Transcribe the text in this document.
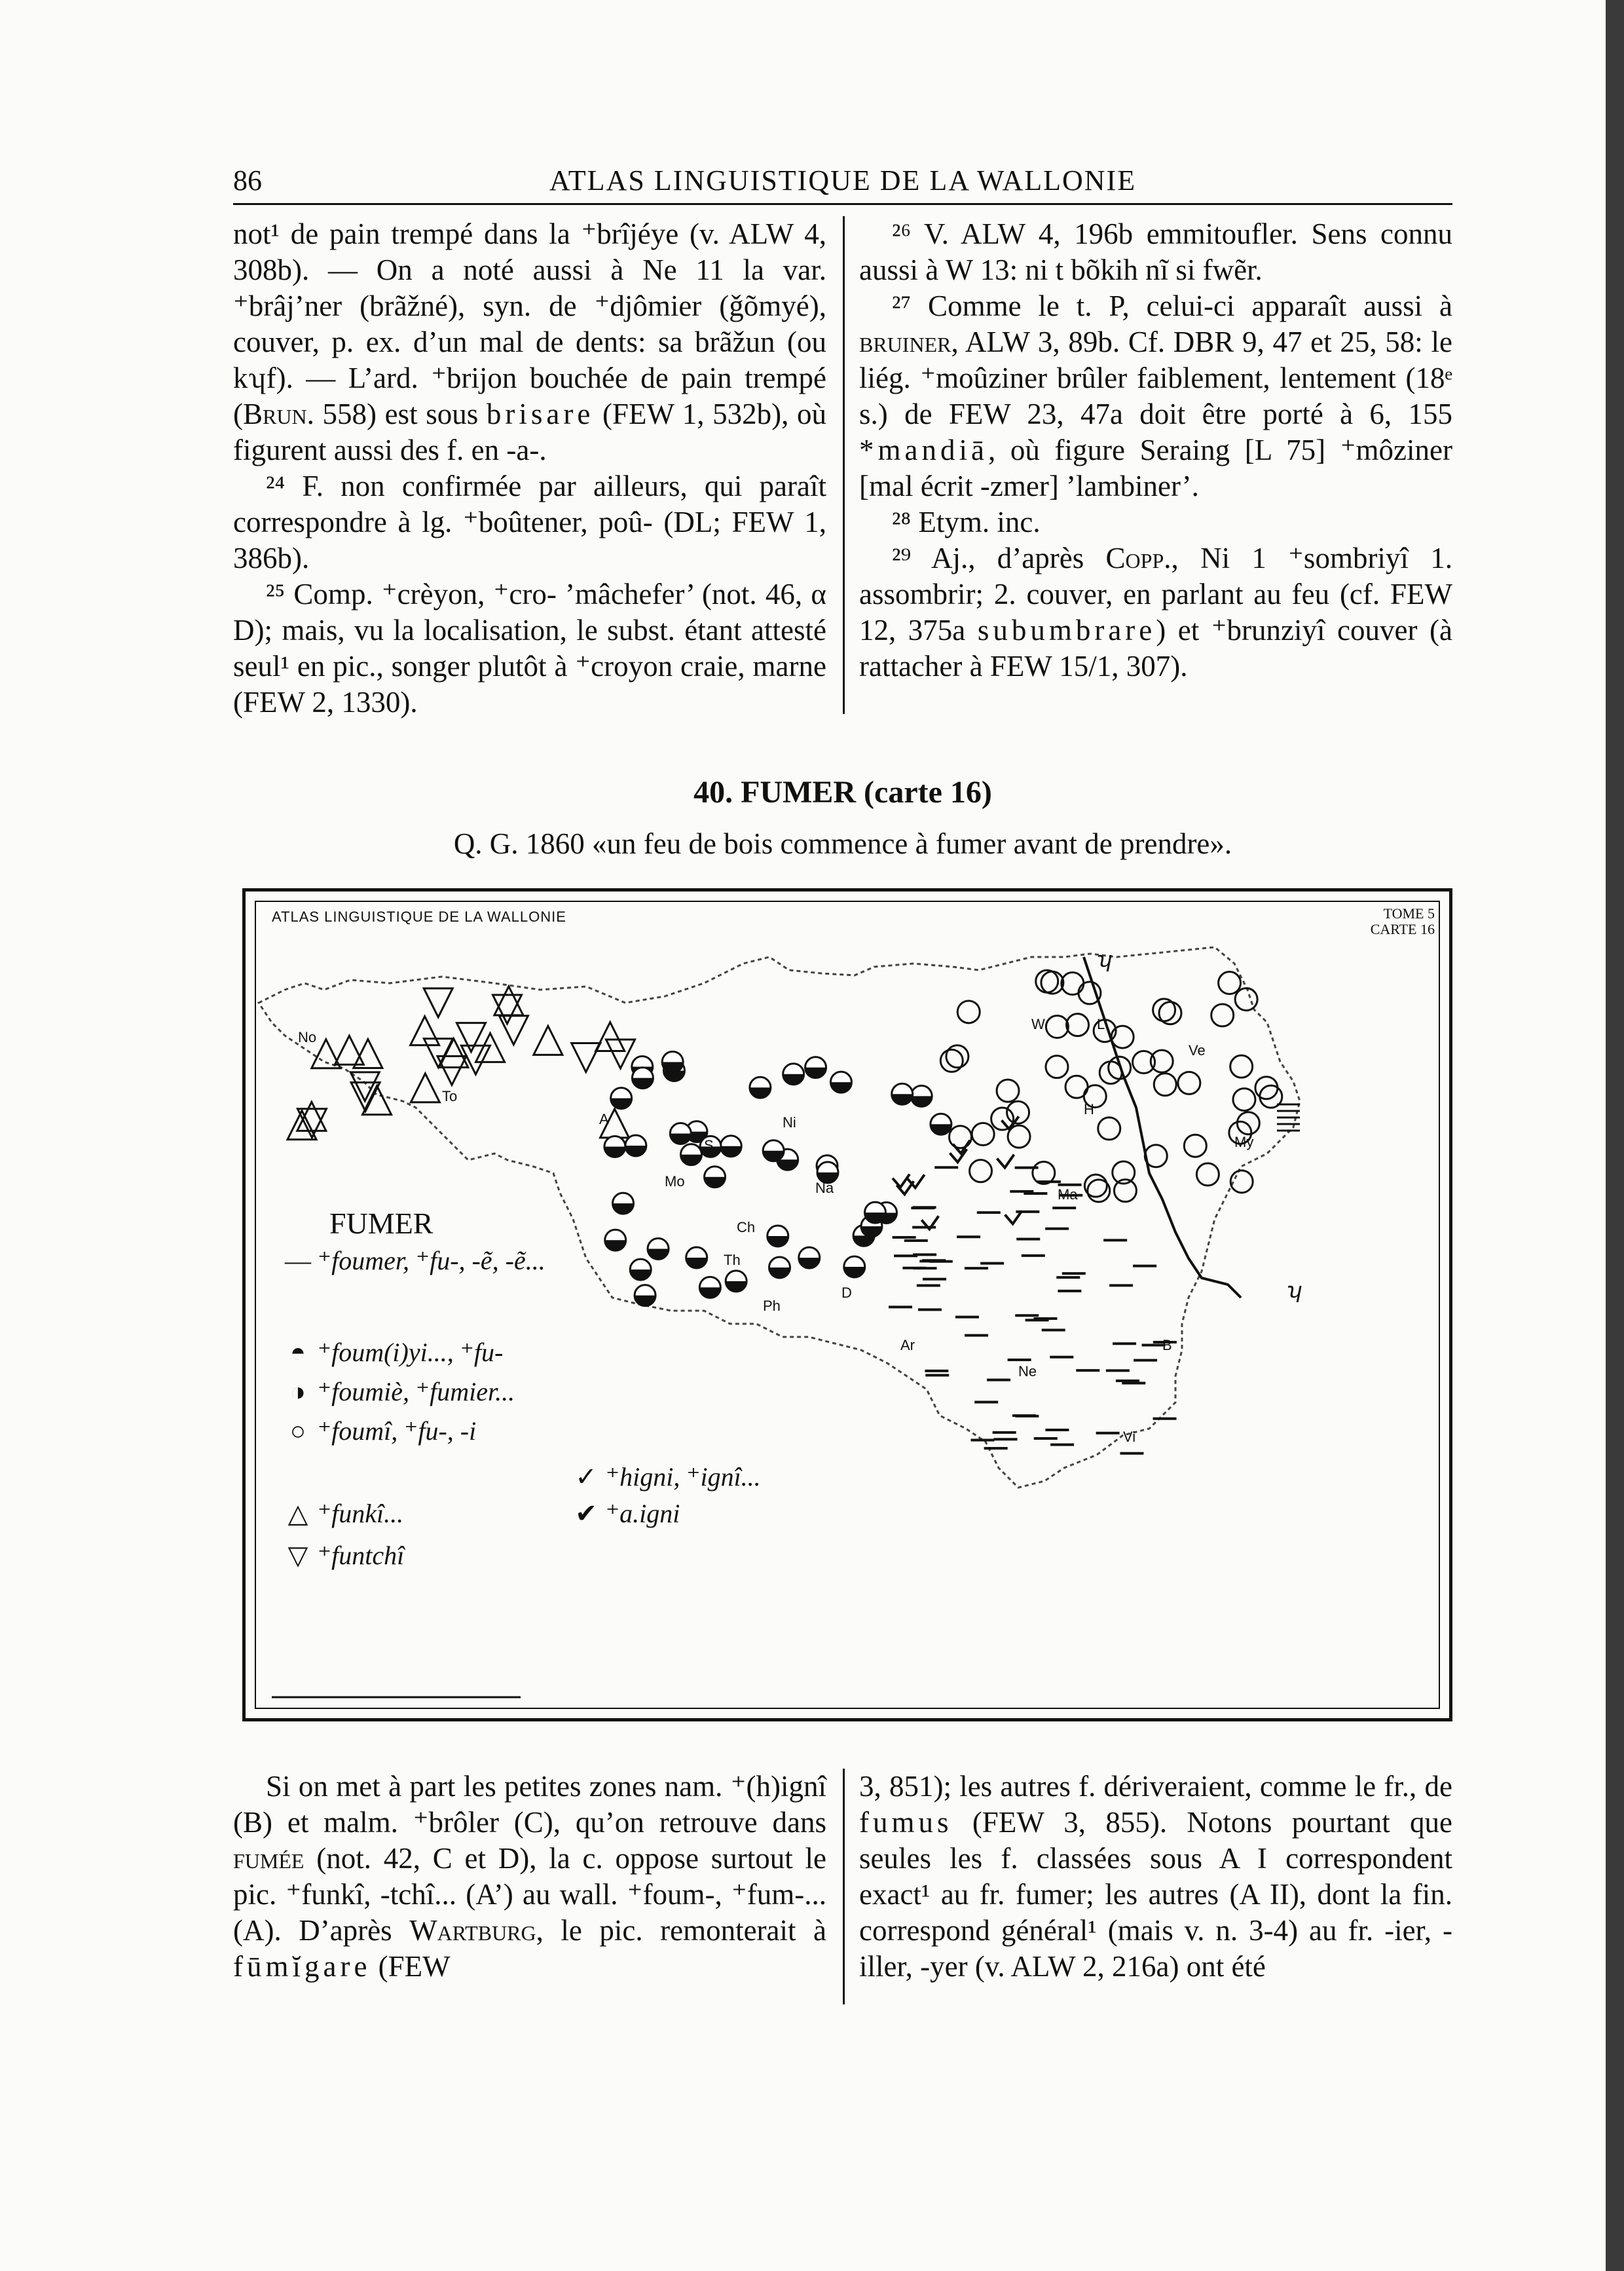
86	ATLAS LINGUISTIQUE DE LA WALLONIE

not¹ de pain trempé dans la ⁺brîjéye (v. ALW 4, 308b). — On a noté aussi à Ne 11 la var. ⁺brâj’ner (brãžné), syn. de ⁺djômier (ǧõmyé), couver, p. ex. d’un mal de dents: sa brãžun (ou kʮf). — L’ard. ⁺brijon bouchée de pain trempé (Brun. 558) est sous brisare (FEW 1, 532b), où figurent aussi des f. en -a-.

²⁴ F. non confirmée par ailleurs, qui paraît correspondre à lg. ⁺boûtener, poû- (DL; FEW 1, 386b).

²⁵ Comp. ⁺crèyon, ⁺cro- ’mâchefer’ (not. 46, α D); mais, vu la localisation, le subst. étant attesté seul¹ en pic., songer plutôt à ⁺croyon craie, marne (FEW 2, 1330).

²⁶ V. ALW 4, 196b emmitoufler. Sens connu aussi à W 13: ni t bõkih nĩ si fwẽr.

²⁷ Comme le t. P, celui-ci apparaît aussi à bruiner, ALW 3, 89b. Cf. DBR 9, 47 et 25, 58: le liég. ⁺moûziner brûler faiblement, lentement (18ᵉ s.) de FEW 23, 47a doit être porté à 6, 155 *mandiā, où figure Seraing [L 75] ⁺môziner [mal écrit -zmer] ’lambiner’.

²⁸ Etym. inc.

²⁹ Aj., d’après Copp., Ni 1 ⁺sombriyî 1. assombrir; 2. couver, en parlant au feu (cf. FEW 12, 375a subumbrare) et ⁺brunziyî couver (à rattacher à FEW 15/1, 307).

40. FUMER (carte 16)
Q. G. 1860 «un feu de bois commence à fumer avant de prendre».
ATLAS LINGUISTIQUE DE LA WALLONIE	TOME 5
CARTE 16
No
To
A
S
Mo
Ni
Ch
Th
Na
Ph
D
Ar
W	L
Ve
H
Ma
B
Ne
Vi
My
ʮ
ʮ
FUMER
— ⁺foumer, ⁺fu-, -ẽ, -ẽ...
◓ ⁺foum(i)yi..., ⁺fu-
◑ ⁺foumiè, ⁺fumier...
○ ⁺foumî, ⁺fu-, -i
△ ⁺funkî...
▽ ⁺funtchî
✓ ⁺higni, ⁺ignî...
✔ ⁺a.igni

Si on met à part les petites zones nam. ⁺(h)ignî (B) et malm. ⁺brôler (C), qu’on retrouve dans fumée (not. 42, C et D), la c. oppose surtout le pic. ⁺funkî, -tchî... (A’) au wall. ⁺foum-, ⁺fum-... (A). D’après Wartburg, le pic. remonterait à fūmĭgare (FEW

3, 851); les autres f. dériveraient, comme le fr., de fumus (FEW 3, 855). Notons pourtant que seules les f. classées sous A I correspondent exact¹ au fr. fumer; les autres (A II), dont la fin. correspond général¹ (mais v. n. 3-4) au fr. -ier, -iller, -yer (v. ALW 2, 216a) ont été
